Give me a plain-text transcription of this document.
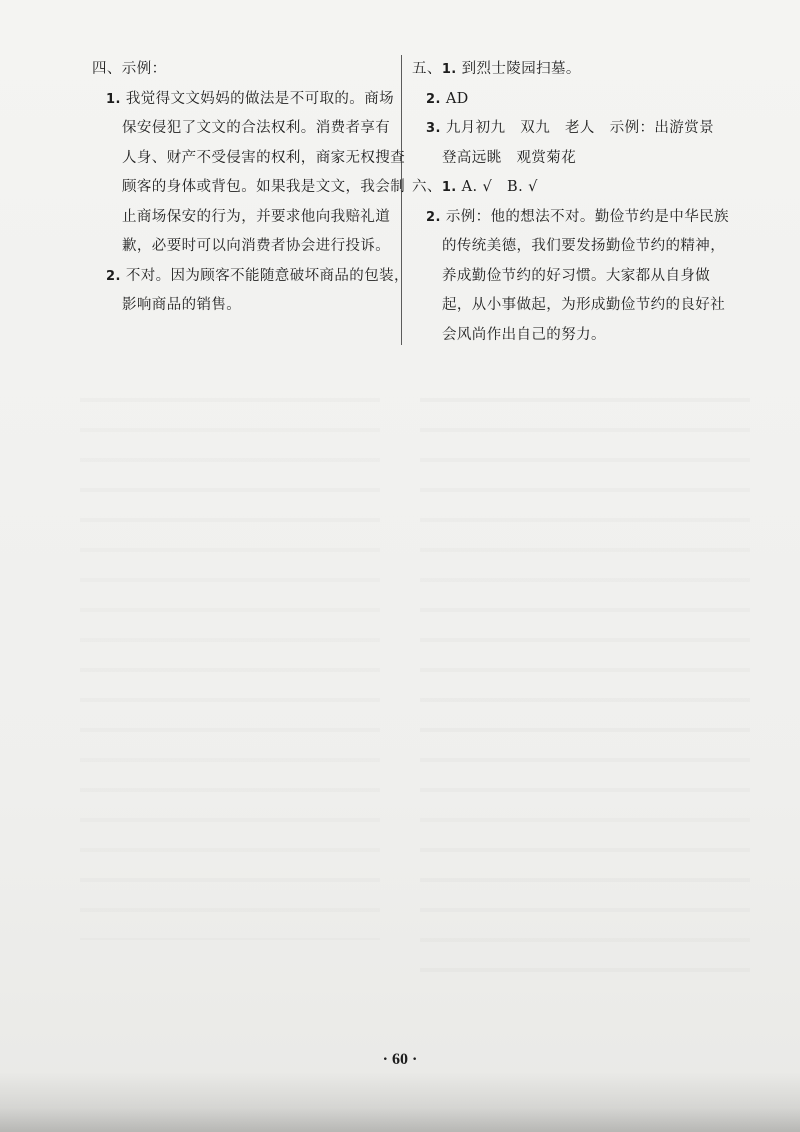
四、示例：
1. 我觉得文文妈妈的做法是不可取的。商场
保安侵犯了文文的合法权利。消费者享有
人身、财产不受侵害的权利，商家无权搜查
顾客的身体或背包。如果我是文文，我会制
止商场保安的行为，并要求他向我赔礼道
歉，必要时可以向消费者协会进行投诉。
2. 不对。因为顾客不能随意破坏商品的包装，
影响商品的销售。
五、1. 到烈士陵园扫墓。
2. AD
3. 九月初九　双九　老人　示例：出游赏景
登高远眺　观赏菊花
六、1. A. √　B. √
2. 示例：他的想法不对。勤俭节约是中华民族
的传统美德，我们要发扬勤俭节约的精神，
养成勤俭节约的好习惯。大家都从自身做
起，从小事做起，为形成勤俭节约的良好社
会风尚作出自己的努力。
· 60 ·
